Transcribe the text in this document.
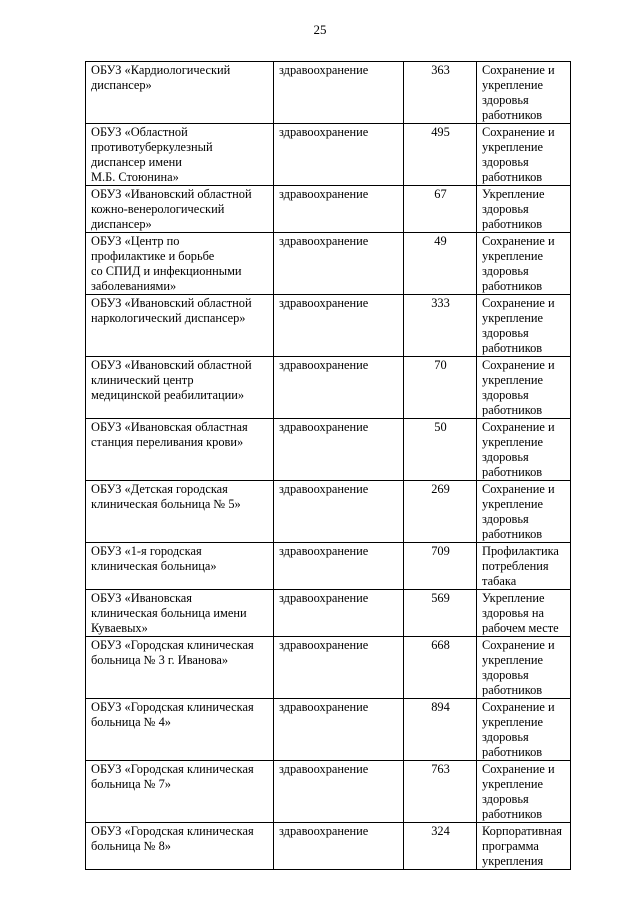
25
ОБУЗ «Кардиологический
диспансер»	здравоохранение	363	Сохранение и
укрепление
здоровья
работников

ОБУЗ «Областной
противотуберкулезный
диспансер имени
М.Б. Стоюнина»	здравоохранение	495	Сохранение и
укрепление
здоровья
работников

ОБУЗ «Ивановский областной
кожно-венерологический
диспансер»	здравоохранение	67	Укрепление
здоровья
работников

ОБУЗ «Центр по
профилактике и борьбе
со СПИД и инфекционными
заболеваниями»	здравоохранение	49	Сохранение и
укрепление
здоровья
работников

ОБУЗ «Ивановский областной
наркологический диспансер»	здравоохранение	333	Сохранение и
укрепление
здоровья
работников

ОБУЗ «Ивановский областной
клинический центр
медицинской реабилитации»	здравоохранение	70	Сохранение и
укрепление
здоровья
работников

ОБУЗ «Ивановская областная
станция переливания крови»	здравоохранение	50	Сохранение и
укрепление
здоровья
работников

ОБУЗ «Детская городская
клиническая больница № 5»	здравоохранение	269	Сохранение и
укрепление
здоровья
работников

ОБУЗ «1-я городская
клиническая больница»	здравоохранение	709	Профилактика
потребления
табака

ОБУЗ «Ивановская
клиническая больница имени
Куваевых»	здравоохранение	569	Укрепление
здоровья на
рабочем месте

ОБУЗ «Городская клиническая
больница № 3 г. Иванова»	здравоохранение	668	Сохранение и
укрепление
здоровья
работников

ОБУЗ «Городская клиническая
больница № 4»	здравоохранение	894	Сохранение и
укрепление
здоровья
работников

ОБУЗ «Городская клиническая
больница № 7»	здравоохранение	763	Сохранение и
укрепление
здоровья
работников

ОБУЗ «Городская клиническая
больница № 8»	здравоохранение	324	Корпоративная
программа
укрепления
